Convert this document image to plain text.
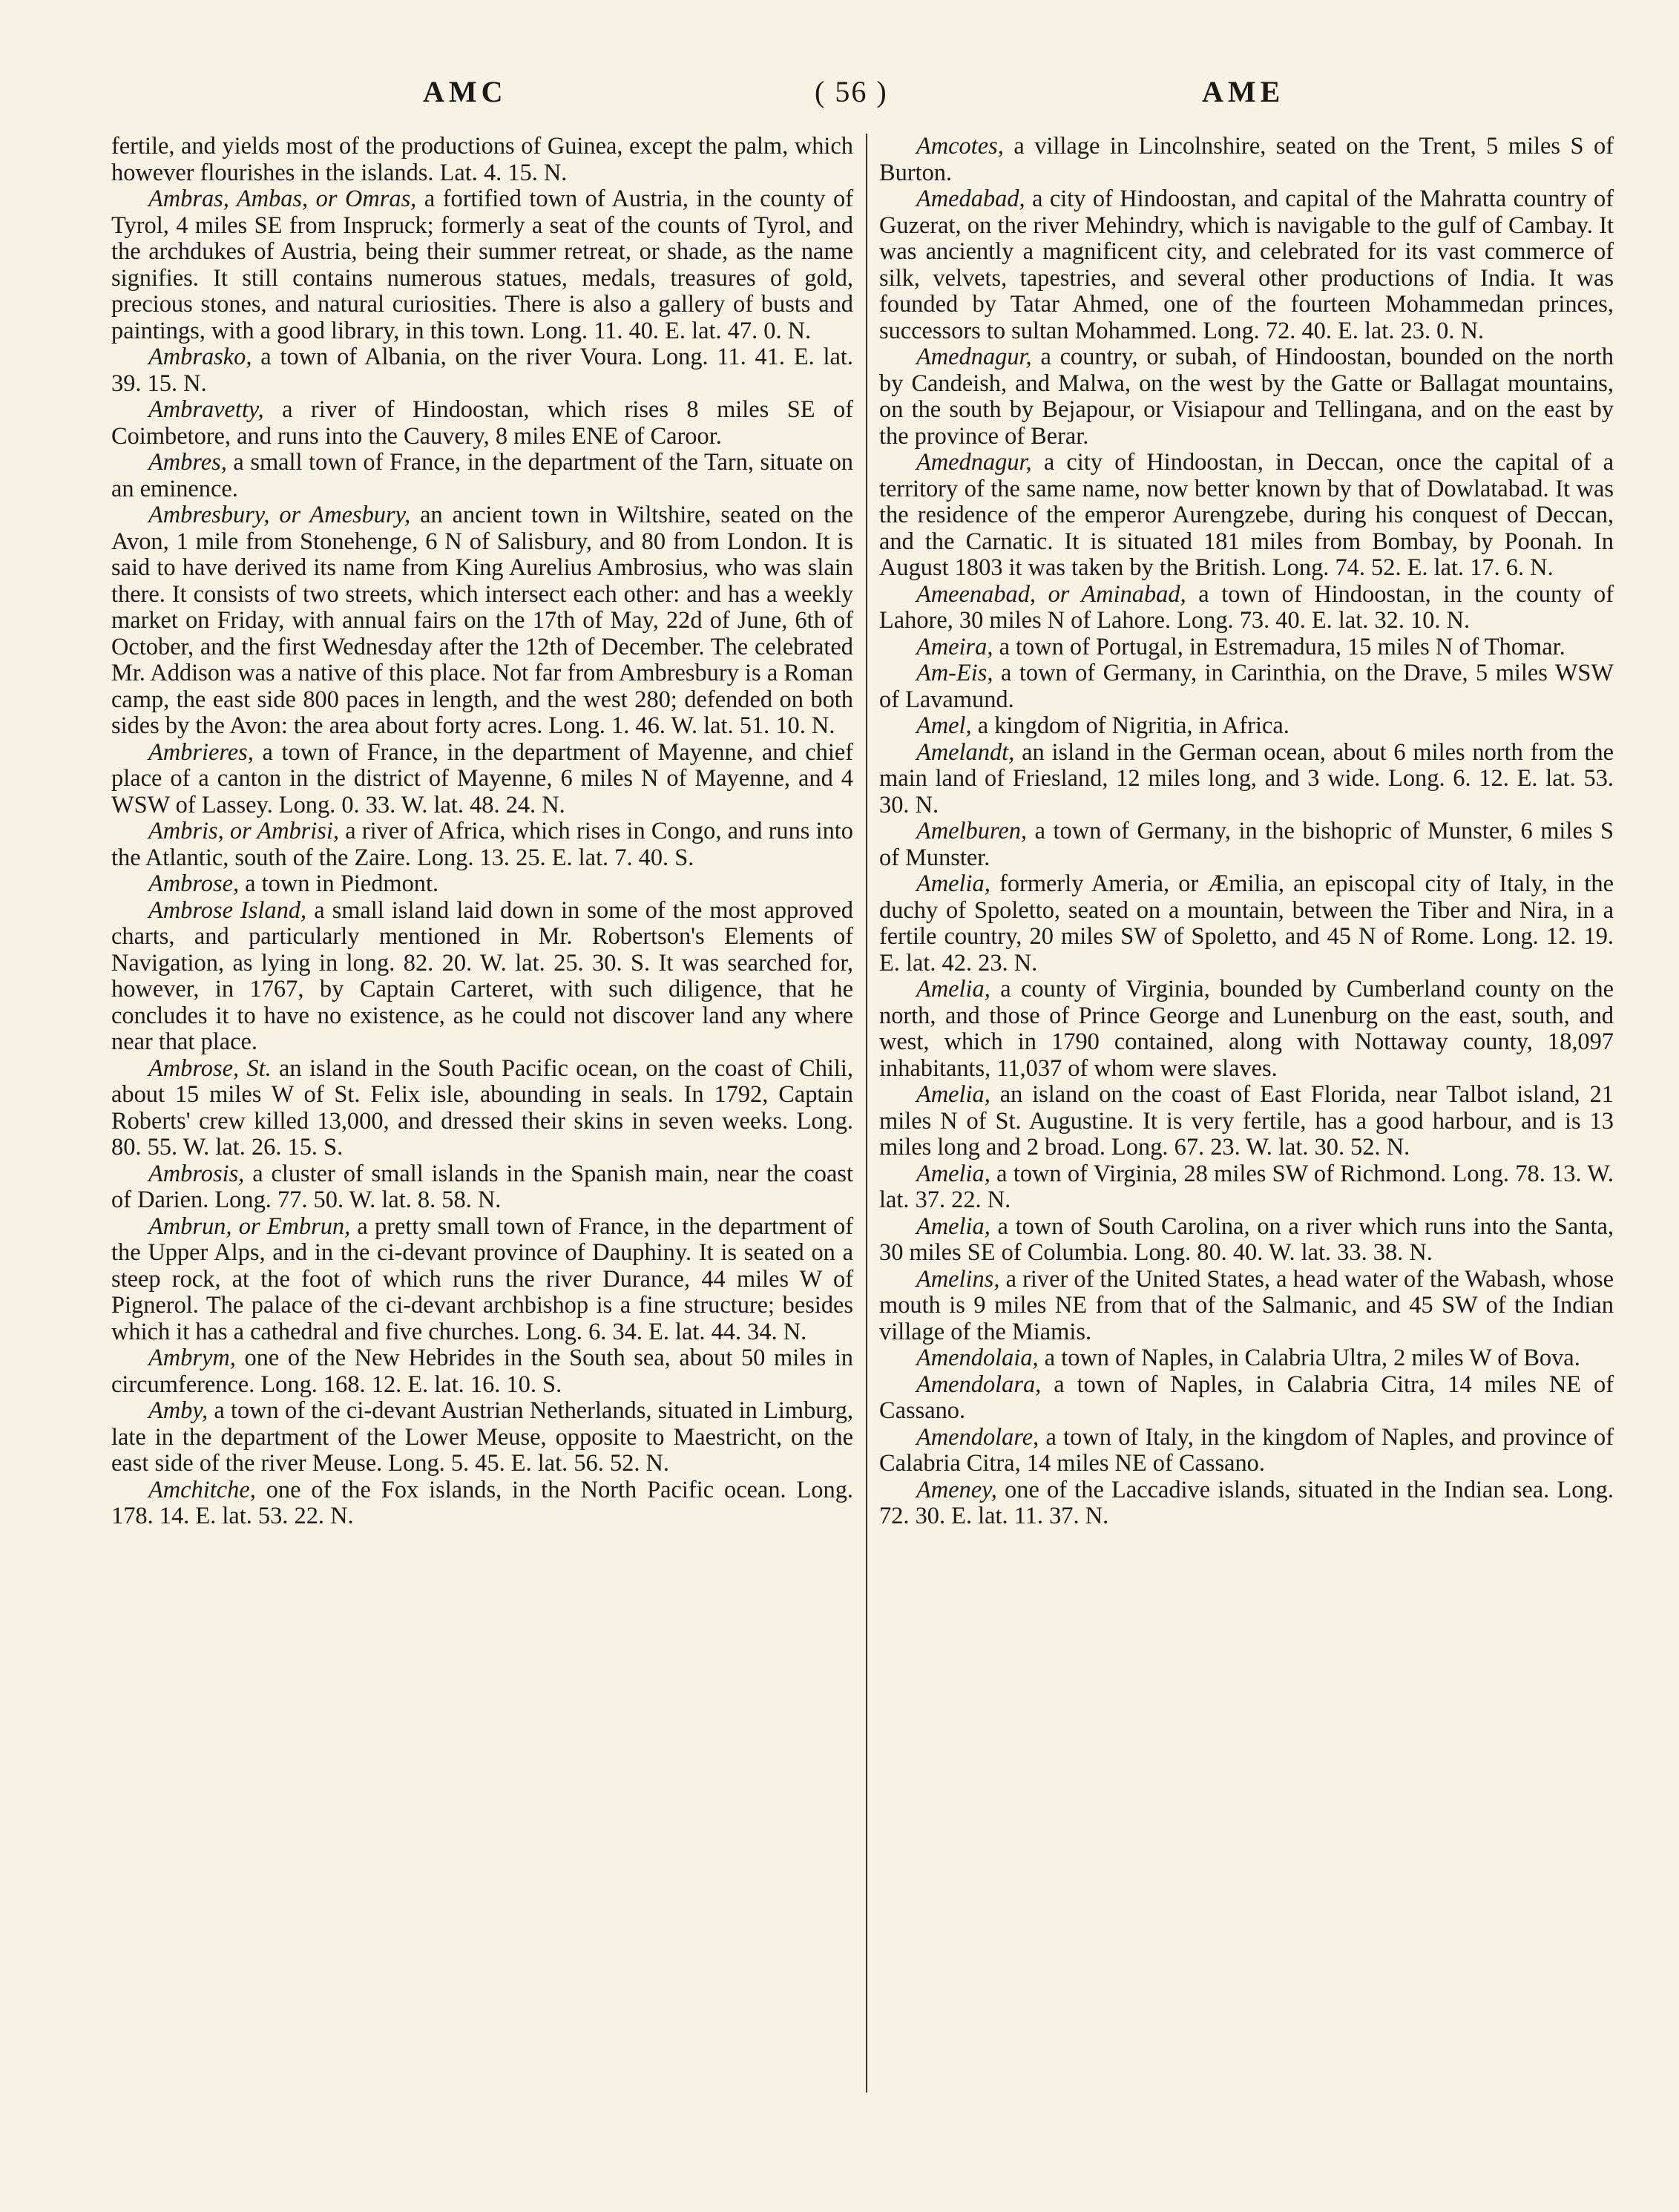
AMC	( 56 )	AME

fertile, and yields most of the productions of Guinea, except the palm, which however flourishes in the islands. Lat. 4. 15. N.

Ambras, Ambas, or Omras, a fortified town of Austria, in the county of Tyrol, 4 miles SE from Inspruck; formerly a seat of the counts of Tyrol, and the archdukes of Austria, being their summer retreat, or shade, as the name signifies. It still contains numerous statues, medals, treasures of gold, precious stones, and natural curiosities. There is also a gallery of busts and paintings, with a good library, in this town. Long. 11. 40. E. lat. 47. 0. N.

Ambrasko, a town of Albania, on the river Voura. Long. 11. 41. E. lat. 39. 15. N.

Ambravetty, a river of Hindoostan, which rises 8 miles SE of Coimbetore, and runs into the Cauvery, 8 miles ENE of Caroor.

Ambres, a small town of France, in the department of the Tarn, situate on an eminence.

Ambresbury, or Amesbury, an ancient town in Wiltshire, seated on the Avon, 1 mile from Stonehenge, 6 N of Salisbury, and 80 from London. It is said to have derived its name from King Aurelius Ambrosius, who was slain there. It consists of two streets, which intersect each other: and has a weekly market on Friday, with annual fairs on the 17th of May, 22d of June, 6th of October, and the first Wednesday after the 12th of December. The celebrated Mr. Addison was a native of this place. Not far from Ambresbury is a Roman camp, the east side 800 paces in length, and the west 280; defended on both sides by the Avon: the area about forty acres. Long. 1. 46. W. lat. 51. 10. N.

Ambrieres, a town of France, in the department of Mayenne, and chief place of a canton in the district of Mayenne, 6 miles N of Mayenne, and 4 WSW of Lassey. Long. 0. 33. W. lat. 48. 24. N.

Ambris, or Ambrisi, a river of Africa, which rises in Congo, and runs into the Atlantic, south of the Zaire. Long. 13. 25. E. lat. 7. 40. S.

Ambrose, a town in Piedmont.

Ambrose Island, a small island laid down in some of the most approved charts, and particularly mentioned in Mr. Robertson's Elements of Navigation, as lying in long. 82. 20. W. lat. 25. 30. S. It was searched for, however, in 1767, by Captain Carteret, with such diligence, that he concludes it to have no existence, as he could not discover land any where near that place.

Ambrose, St. an island in the South Pacific ocean, on the coast of Chili, about 15 miles W of St. Felix isle, abounding in seals. In 1792, Captain Roberts' crew killed 13,000, and dressed their skins in seven weeks. Long. 80. 55. W. lat. 26. 15. S.

Ambrosis, a cluster of small islands in the Spanish main, near the coast of Darien. Long. 77. 50. W. lat. 8. 58. N.

Ambrun, or Embrun, a pretty small town of France, in the department of the Upper Alps, and in the ci-devant province of Dauphiny. It is seated on a steep rock, at the foot of which runs the river Durance, 44 miles W of Pignerol. The palace of the ci-devant archbishop is a fine structure; besides which it has a cathedral and five churches. Long. 6. 34. E. lat. 44. 34. N.

Ambrym, one of the New Hebrides in the South sea, about 50 miles in circumference. Long. 168. 12. E. lat. 16. 10. S.

Amby, a town of the ci-devant Austrian Netherlands, situated in Limburg, late in the department of the Lower Meuse, opposite to Maestricht, on the east side of the river Meuse. Long. 5. 45. E. lat. 56. 52. N.

Amchitche, one of the Fox islands, in the North Pacific ocean. Long. 178. 14. E. lat. 53. 22. N.

Amcotes, a village in Lincolnshire, seated on the Trent, 5 miles S of Burton.

Amedabad, a city of Hindoostan, and capital of the Mahratta country of Guzerat, on the river Mehindry, which is navigable to the gulf of Cambay. It was anciently a magnificent city, and celebrated for its vast commerce of silk, velvets, tapestries, and several other productions of India. It was founded by Tatar Ahmed, one of the fourteen Mohammedan princes, successors to sultan Mohammed. Long. 72. 40. E. lat. 23. 0. N.

Amednagur, a country, or subah, of Hindoostan, bounded on the north by Candeish, and Malwa, on the west by the Gatte or Ballagat mountains, on the south by Bejapour, or Visiapour and Tellingana, and on the east by the province of Berar.

Amednagur, a city of Hindoostan, in Deccan, once the capital of a territory of the same name, now better known by that of Dowlatabad. It was the residence of the emperor Aurengzebe, during his conquest of Deccan, and the Carnatic. It is situated 181 miles from Bombay, by Poonah. In August 1803 it was taken by the British. Long. 74. 52. E. lat. 17. 6. N.

Ameenabad, or Aminabad, a town of Hindoostan, in the county of Lahore, 30 miles N of Lahore. Long. 73. 40. E. lat. 32. 10. N.

Ameira, a town of Portugal, in Estremadura, 15 miles N of Thomar.

Am-Eis, a town of Germany, in Carinthia, on the Drave, 5 miles WSW of Lavamund.

Amel, a kingdom of Nigritia, in Africa.

Amelandt, an island in the German ocean, about 6 miles north from the main land of Friesland, 12 miles long, and 3 wide. Long. 6. 12. E. lat. 53. 30. N.

Amelburen, a town of Germany, in the bishopric of Munster, 6 miles S of Munster.

Amelia, formerly Ameria, or Æmilia, an episcopal city of Italy, in the duchy of Spoletto, seated on a mountain, between the Tiber and Nira, in a fertile country, 20 miles SW of Spoletto, and 45 N of Rome. Long. 12. 19. E. lat. 42. 23. N.

Amelia, a county of Virginia, bounded by Cumberland county on the north, and those of Prince George and Lunenburg on the east, south, and west, which in 1790 contained, along with Nottaway county, 18,097 inhabitants, 11,037 of whom were slaves.

Amelia, an island on the coast of East Florida, near Talbot island, 21 miles N of St. Augustine. It is very fertile, has a good harbour, and is 13 miles long and 2 broad. Long. 67. 23. W. lat. 30. 52. N.

Amelia, a town of Virginia, 28 miles SW of Richmond. Long. 78. 13. W. lat. 37. 22. N.

Amelia, a town of South Carolina, on a river which runs into the Santa, 30 miles SE of Columbia. Long. 80. 40. W. lat. 33. 38. N.

Amelins, a river of the United States, a head water of the Wabash, whose mouth is 9 miles NE from that of the Salmanic, and 45 SW of the Indian village of the Miamis.

Amendolaia, a town of Naples, in Calabria Ultra, 2 miles W of Bova.

Amendolara, a town of Naples, in Calabria Citra, 14 miles NE of Cassano.

Amendolare, a town of Italy, in the kingdom of Naples, and province of Calabria Citra, 14 miles NE of Cassano.

Ameney, one of the Laccadive islands, situated in the Indian sea. Long. 72. 30. E. lat. 11. 37. N.
